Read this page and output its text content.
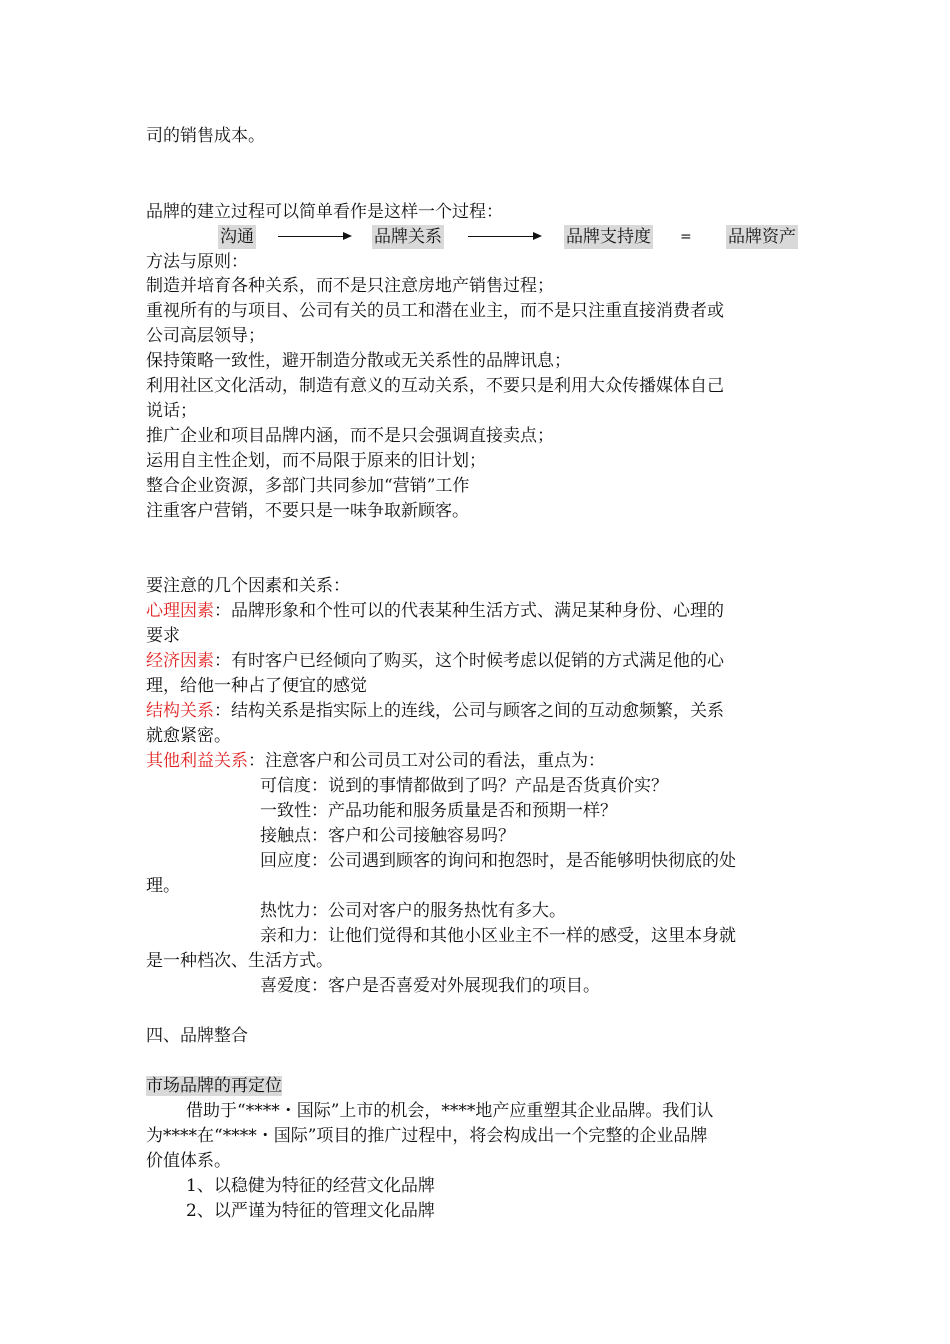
司的销售成本。
品牌的建立过程可以简单看作是这样一个过程：
沟通	品牌关系	品牌支持度 = 品牌资产
方法与原则：
制造并培育各种关系，而不是只注意房地产销售过程；
重视所有的与项目、公司有关的员工和潜在业主，而不是只注重直接消费者或
公司高层领导；
保持策略一致性，避开制造分散或无关系性的品牌讯息；
利用社区文化活动，制造有意义的互动关系，不要只是利用大众传播媒体自己
说话；
推广企业和项目品牌内涵，而不是只会强调直接卖点；
运用自主性企划，而不局限于原来的旧计划；
整合企业资源，多部门共同参加“营销”工作
注重客户营销，不要只是一味争取新顾客。
要注意的几个因素和关系：
心理因素：品牌形象和个性可以的代表某种生活方式、满足某种身份、心理的
要求
经济因素：有时客户已经倾向了购买，这个时候考虑以促销的方式满足他的心
理，给他一种占了便宜的感觉
结构关系：结构关系是指实际上的连线，公司与顾客之间的互动愈频繁，关系
就愈紧密。
其他利益关系：注意客户和公司员工对公司的看法，重点为：
可信度：说到的事情都做到了吗？产品是否货真价实？
一致性：产品功能和服务质量是否和预期一样？
接触点：客户和公司接触容易吗？
回应度：公司遇到顾客的询问和抱怨时，是否能够明快彻底的处
理。
热忱力：公司对客户的服务热忱有多大。
亲和力：让他们觉得和其他小区业主不一样的感受，这里本身就
是一种档次、生活方式。
喜爱度：客户是否喜爱对外展现我们的项目。
四、品牌整合
市场品牌的再定位
借助于“****・国际”上市的机会，****地产应重塑其企业品牌。我们认
为****在“****・国际”项目的推广过程中，将会构成出一个完整的企业品牌
价值体系。
1、以稳健为特征的经营文化品牌
2、以严谨为特征的管理文化品牌
